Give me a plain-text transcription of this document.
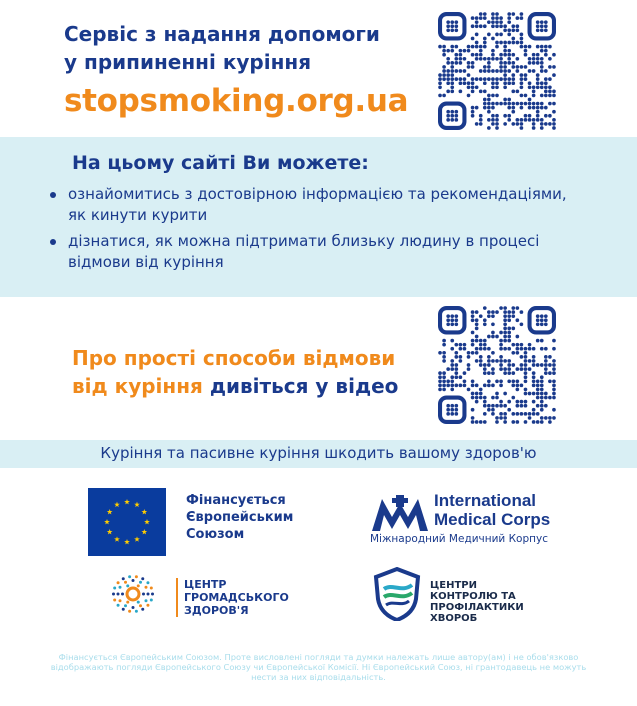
Сервіс з надання допомоги у припиненні куріння
stopsmoking.org.ua
На цьому сайті Ви можете:
ознайомитись з достовірною інформацією та рекомендаціями, як кинути курити
дізнатися, як можна підтримати близьку людину в процесі відмови від куріння
Про прості способи відмови від куріння дивіться у відео
Куріння та пасивне куріння шкодить вашому здоров'ю
Фінансується Європейським Союзом
International
Medical Corps
Міжнародний Медичний Корпус
ЦЕНТР ГРОМАДСЬКОГО ЗДОРОВ'Я
ЦЕНТРИ КОНТРОЛЮ ТА ПРОФІЛАКТИКИ ХВОРОБ
Фінансується Європейським Союзом. Проте висловлені погляди та думки належать лише автору(ам) і не обов'язково відображають погляди Європейського Союзу чи Європейської Комісії. Ні Європейський Союз, ні грантодавець не можуть нести за них відповідальність.
